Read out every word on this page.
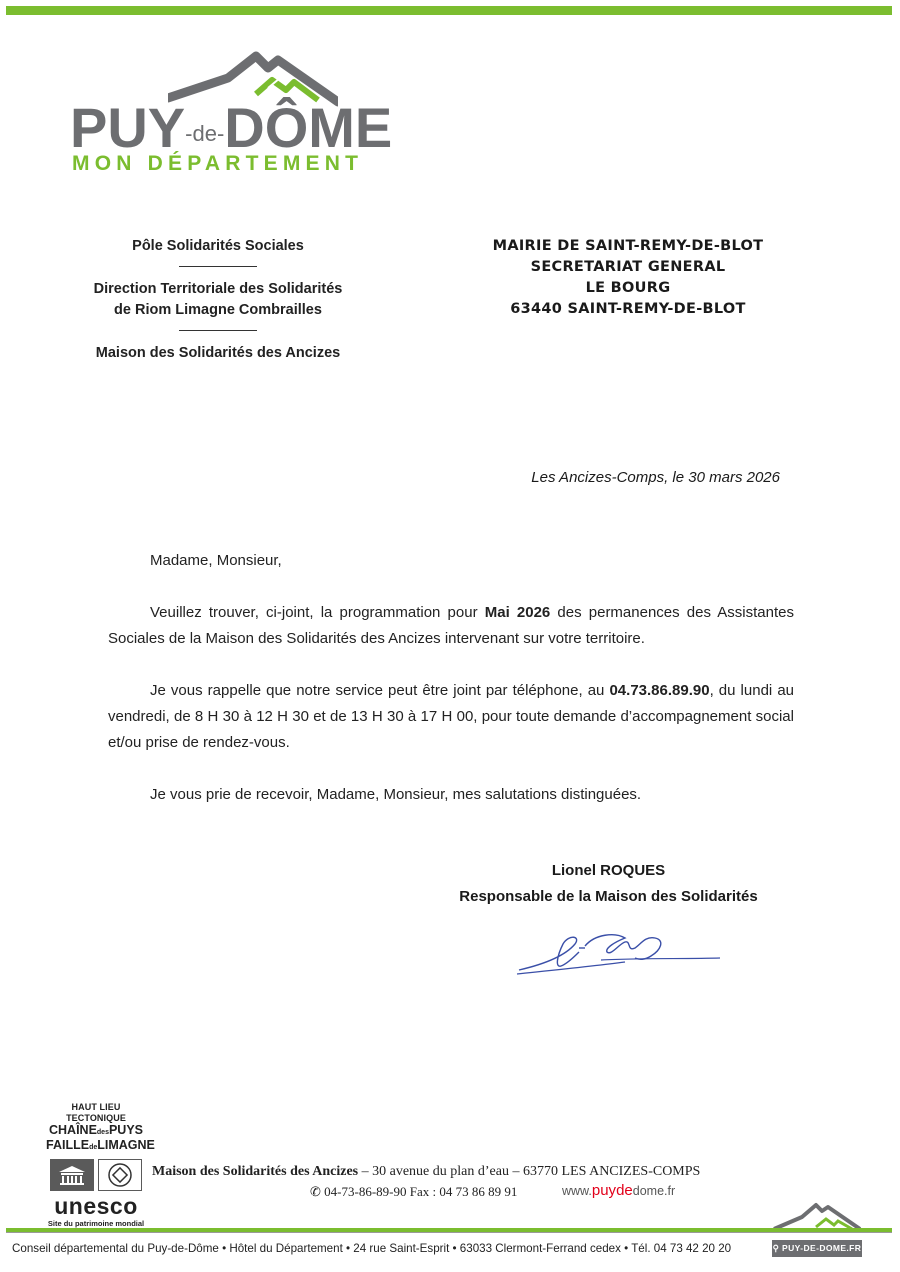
PUY-de-DÔME
MON DÉPARTEMENT
Pôle Solidarités Sociales
Direction Territoriale des Solidarités
de Riom Limagne Combrailles
Maison des Solidarités des Ancizes
MAIRIE DE SAINT-REMY-DE-BLOT
SECRETARIAT GENERAL
LE BOURG
63440 SAINT-REMY-DE-BLOT
Les Ancizes-Comps, le 30 mars 2026

Madame, Monsieur,

Veuillez trouver, ci-joint, la programmation pour Mai 2026 des permanences des Assistantes Sociales de la Maison des Solidarités des Ancizes intervenant sur votre territoire.

Je vous rappelle que notre service peut être joint par téléphone, au 04.73.86.89.90, du lundi au vendredi, de 8 H 30 à 12 H 30 et de 13 H 30 à 17 H 00, pour toute demande d’accompagnement social et/ou prise de rendez-vous.

Je vous prie de recevoir, Madame, Monsieur, mes salutations distinguées.

Lionel ROQUES
Responsable de la Maison des Solidarités
HAUT LIEU TECTONIQUE
CHAÎNEdesPUYS
FAILLEdeLIMAGNE
unesco
Site du patrimoine mondial
Maison des Solidarités des Ancizes – 30 avenue du plan d’eau – 63770 LES ANCIZES-COMPS
✆ 04-73-86-89-90 Fax : 04 73 86 89 91	www.puydedome.fr
Conseil départemental du Puy-de-Dôme • Hôtel du Département • 24 rue Saint-Esprit • 63033 Clermont-Ferrand cedex • Tél. 04 73 42 20 20	⚲ PUY-DE-DOME.FR
